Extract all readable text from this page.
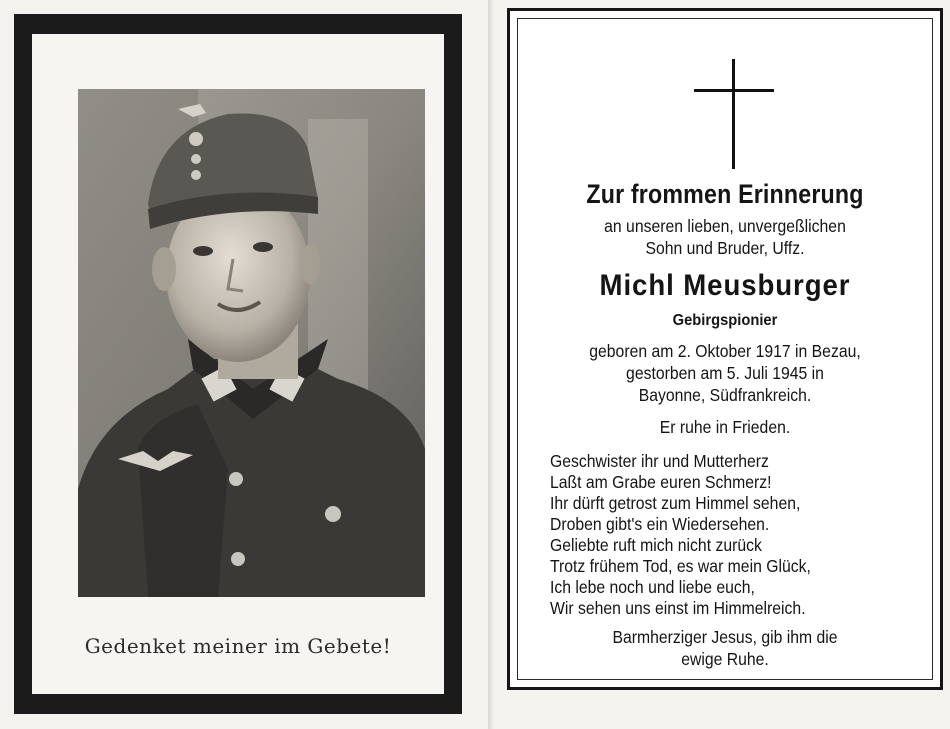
Gedenket meiner im Gebete!
Zur frommen Erinnerung
an unseren lieben, unvergeßlichen
Sohn und Bruder, Uffz.
Michl Meusburger
Gebirgspionier
geboren am 2. Oktober 1917 in Bezau,
gestorben am 5. Juli 1945 in
Bayonne, Südfrankreich.
Er ruhe in Frieden.
Geschwister ihr und Mutterherz
Laßt am Grabe euren Schmerz!
Ihr dürft getrost zum Himmel sehen,
Droben gibt's ein Wiedersehen.
Geliebte ruft mich nicht zurück
Trotz frühem Tod, es war mein Glück,
Ich lebe noch und liebe euch,
Wir sehen uns einst im Himmelreich.
Barmherziger Jesus, gib ihm die
ewige Ruhe.
